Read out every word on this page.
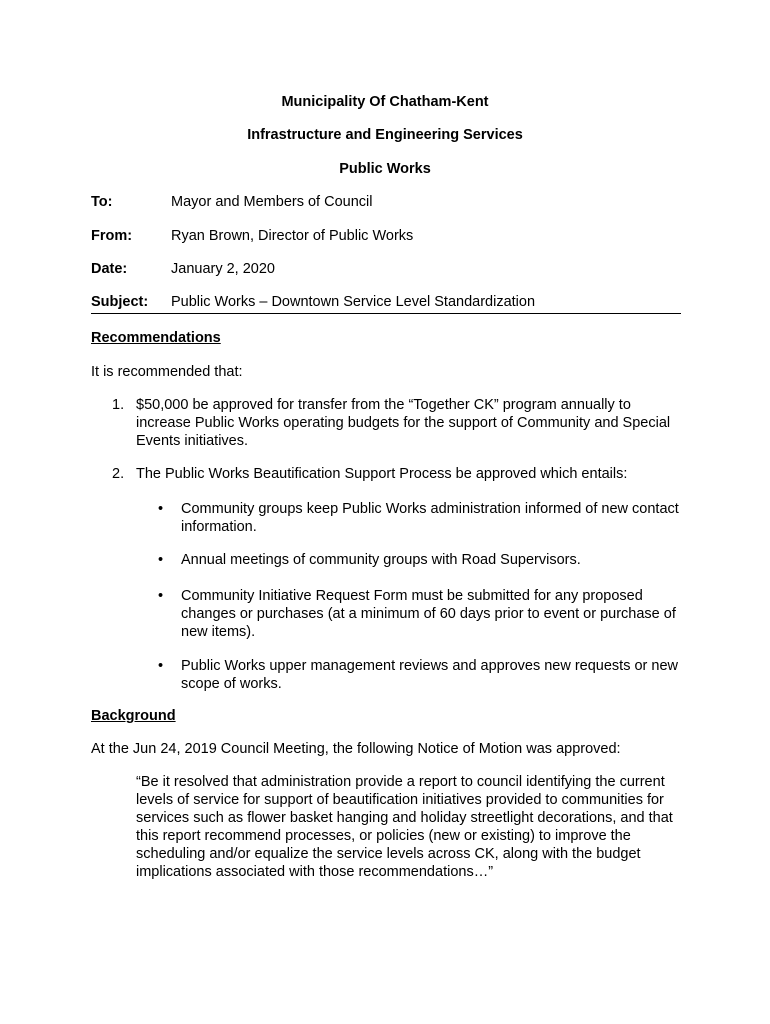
Municipality Of Chatham-Kent
Infrastructure and Engineering Services
Public Works
To:	Mayor and Members of Council
From:	Ryan Brown, Director of Public Works
Date:	January 2, 2020
Subject: Public Works – Downtown Service Level Standardization
Recommendations
It is recommended that:
1. $50,000 be approved for transfer from the “Together CK” program annually to increase Public Works operating budgets for the support of Community and Special Events initiatives.
2. The Public Works Beautification Support Process be approved which entails:
• Community groups keep Public Works administration informed of new contact information.
• Annual meetings of community groups with Road Supervisors.
• Community Initiative Request Form must be submitted for any proposed changes or purchases (at a minimum of 60 days prior to event or purchase of new items).
• Public Works upper management reviews and approves new requests or new scope of works.
Background
At the Jun 24, 2019 Council Meeting, the following Notice of Motion was approved:
“Be it resolved that administration provide a report to council identifying the current levels of service for support of beautification initiatives provided to communities for services such as flower basket hanging and holiday streetlight decorations, and that this report recommend processes, or policies (new or existing) to improve the scheduling and/or equalize the service levels across CK, along with the budget implications associated with those recommendations…”
